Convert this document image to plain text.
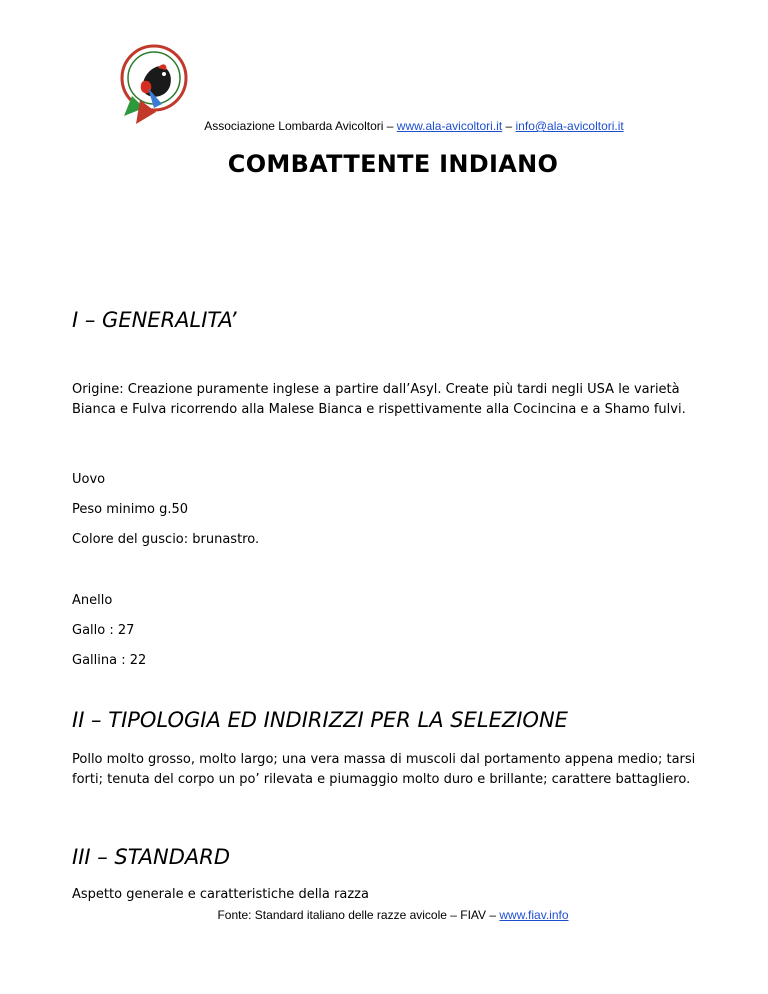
Associazione Lombarda Avicoltori – www.ala-avicoltori.it – info@ala-avicoltori.it
COMBATTENTE INDIANO
I – GENERALITA’

Origine: Creazione puramente inglese a partire dall’Asyl. Create più tardi negli USA le varietà Bianca e Fulva ricorrendo alla Malese Bianca e rispettivamente alla Cocincina e a Shamo fulvi.

Uovo

Peso minimo g.50

Colore del guscio: brunastro.

Anello

Gallo : 27

Gallina : 22

II – TIPOLOGIA ED INDIRIZZI PER LA SELEZIONE

Pollo molto grosso, molto largo; una vera massa di muscoli dal portamento appena medio; tarsi forti; tenuta del corpo un po’ rilevata e piumaggio molto duro e brillante; carattere battagliero.

III – STANDARD

Aspetto generale e caratteristiche della razza

Fonte: Standard italiano delle razze avicole – FIAV – www.fiav.info
